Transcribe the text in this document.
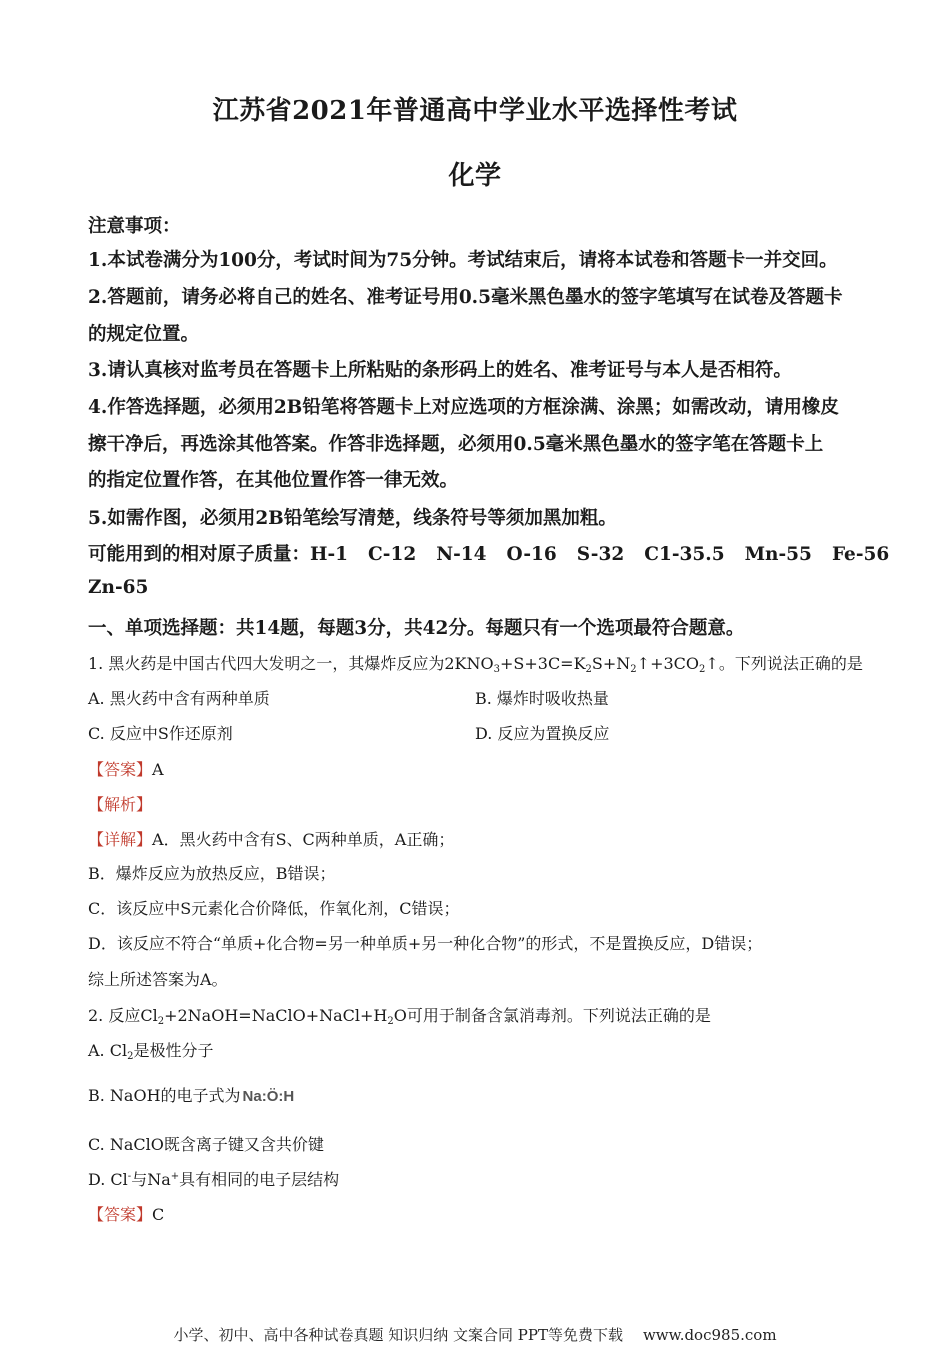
江苏省2021年普通高中学业水平选择性考试
化学
注意事项：
1.本试卷满分为100分，考试时间为75分钟。考试结束后，请将本试卷和答题卡一并交回。
2.答题前，请务必将自己的姓名、准考证号用0.5毫米黑色墨水的签字笔填写在试卷及答题卡
的规定位置。
3.请认真核对监考员在答题卡上所粘贴的条形码上的姓名、准考证号与本人是否相符。
4.作答选择题，必须用2B铅笔将答题卡上对应选项的方框涂满、涂黑；如需改动，请用橡皮
擦干净后，再选涂其他答案。作答非选择题，必须用0.5毫米黑色墨水的签字笔在答题卡上
的指定位置作答，在其他位置作答一律无效。
5.如需作图，必须用2B铅笔绘写清楚，线条符号等须加黑加粗。
可能用到的相对原子质量：H-1 C-12 N-14 O-16 S-32 C1-35.5 Mn-55 Fe-56
Zn-65
一、单项选择题：共14题，每题3分，共42分。每题只有一个选项最符合题意。
1. 黑火药是中国古代四大发明之一，其爆炸反应为$2KNO_3+S+3C=K_2S+N_2↑+3CO_2↑$。下列说法正确的是
A. 黑火药中含有两种单质	B. 爆炸时吸收热量
C. 反应中S作还原剂	D. 反应为置换反应
【答案】A
【解析】
【详解】A．黑火药中含有S、C两种单质，A正确；
B．爆炸反应为放热反应，B错误；
C．该反应中S元素化合价降低，作氧化剂，C错误；
D．该反应不符合“单质+化合物=另一种单质+另一种化合物”的形式，不是置换反应，D错误；
综上所述答案为A。
2. 反应$Cl_2+2NaOH=NaClO+NaCl+H_2O$可用于制备含氯消毒剂。下列说法正确的是
A. $Cl_2$是极性分子
B. NaOH的电子式为 Na:Ö:H
C. NaClO既含离子键又含共价键
D. Cl-与Na+具有相同的电子层结构
【答案】C
小学、初中、高中各种试卷真题 知识归纳 文案合同 PPT等免费下载 www.doc985.com
